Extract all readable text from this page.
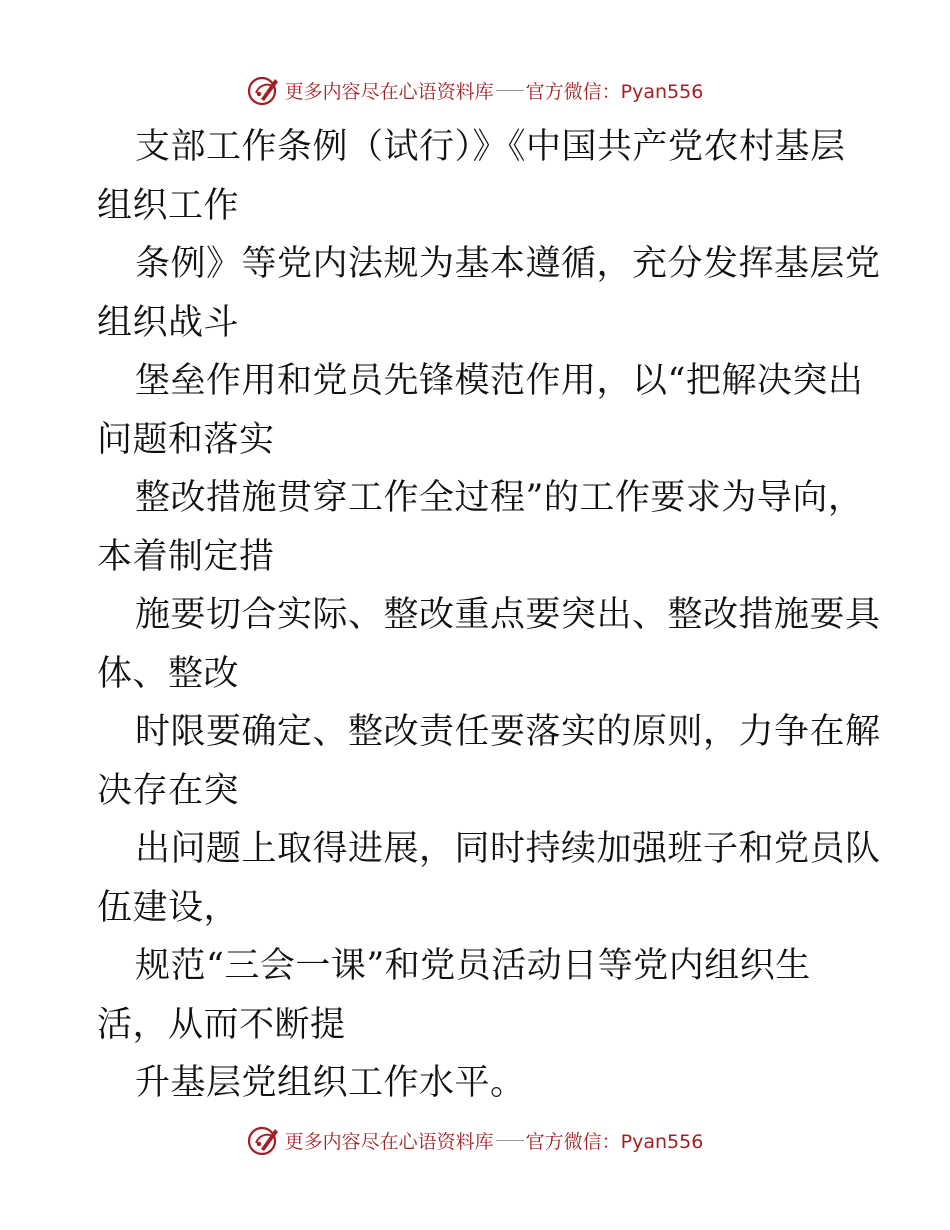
更多内容尽在心语资料库 官方微信：Pyan556
支部工作条例（试行）》《中国共产党农村基层
组织工作
条例》等党内法规为基本遵循，充分发挥基层党
组织战斗
堡垒作用和党员先锋模范作用，以“把解决突出
问题和落实
整改措施贯穿工作全过程”的工作要求为导向，
本着制定措
施要切合实际、整改重点要突出、整改措施要具
体、整改
时限要确定、整改责任要落实的原则，力争在解
决存在突
出问题上取得进展，同时持续加强班子和党员队
伍建设，
规范“三会一课”和党员活动日等党内组织生
活，从而不断提
升基层党组织工作水平。
更多内容尽在心语资料库 官方微信：Pyan556
